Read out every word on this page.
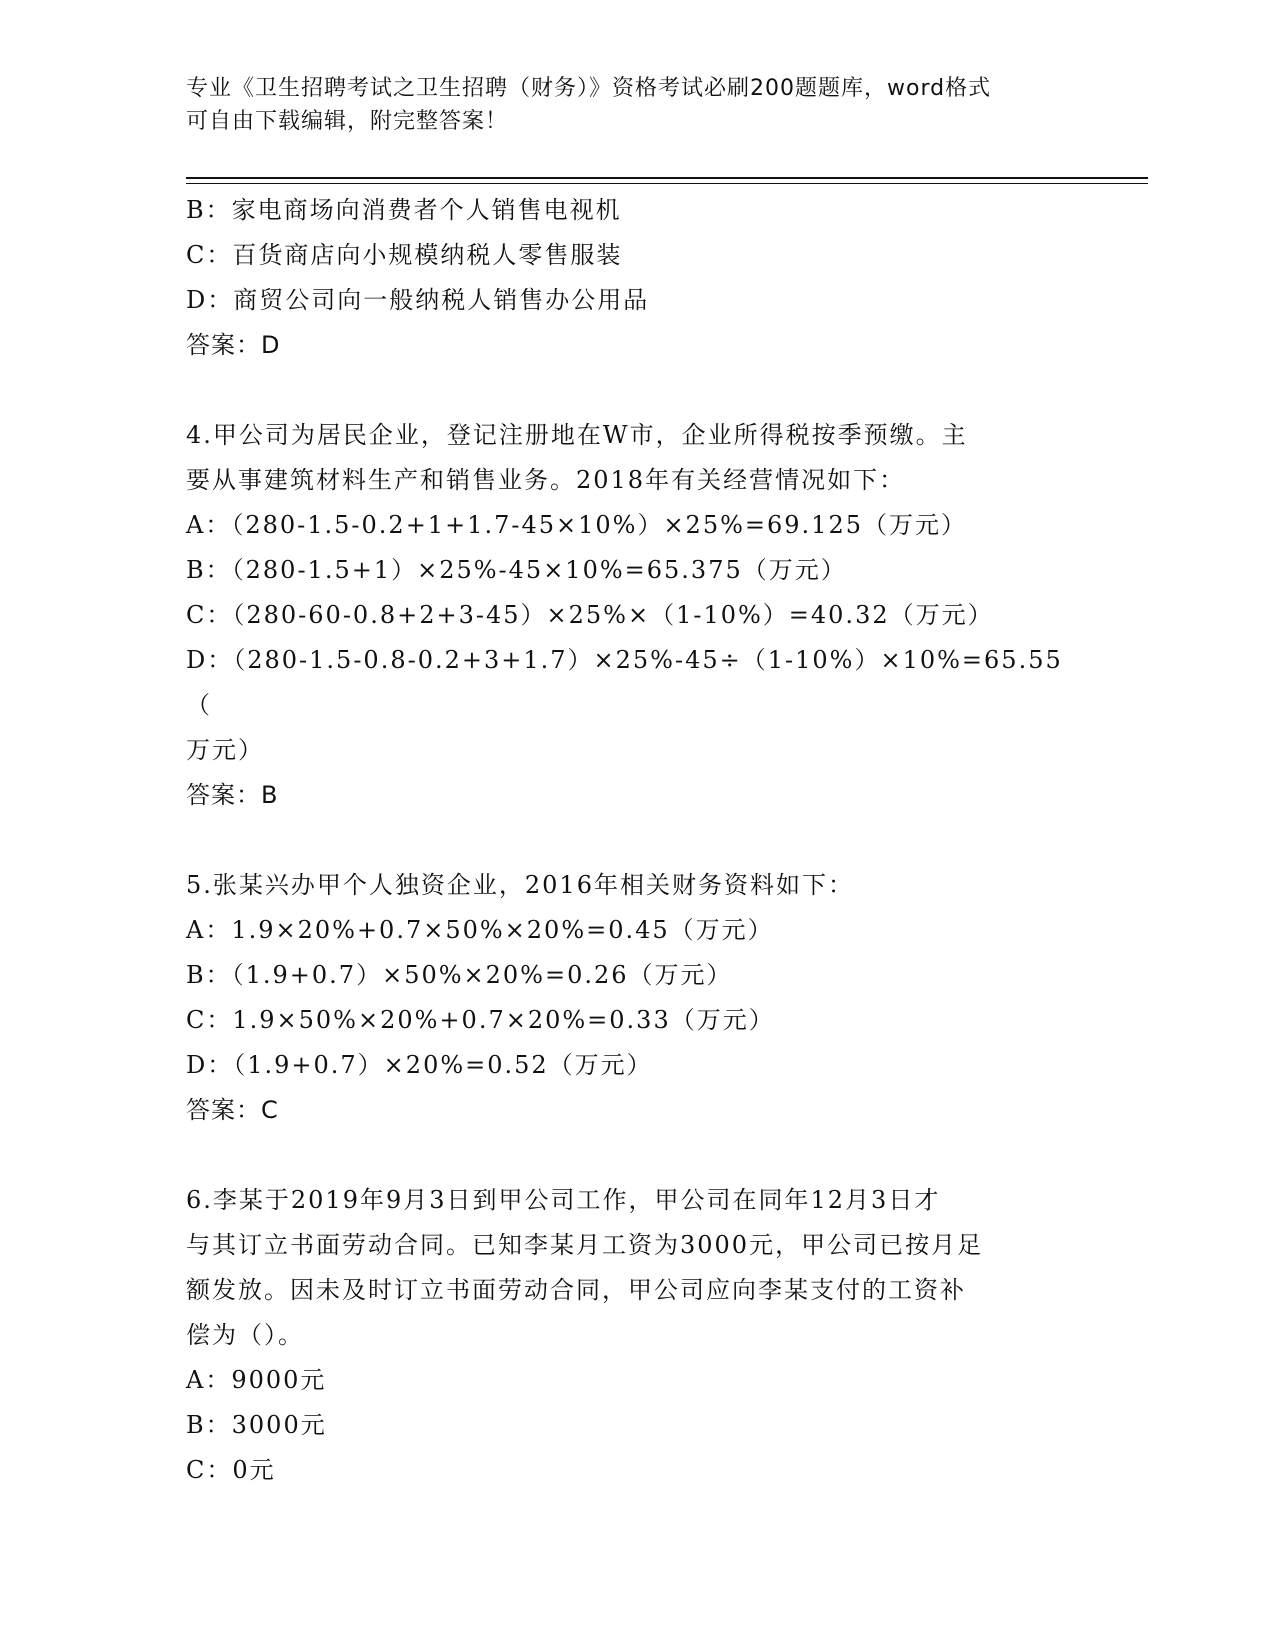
专业《卫生招聘考试之卫生招聘（财务）》资格考试必刷200题题库，word格式
可自由下载编辑，附完整答案！

B：家电商场向消费者个人销售电视机

C：百货商店向小规模纳税人零售服装

D：商贸公司向一般纳税人销售办公用品

答案：D

4.甲公司为居民企业，登记注册地在W市，企业所得税按季预缴。主

要从事建筑材料生产和销售业务。2018年有关经营情况如下：

A：（280-1.5-0.2+1+1.7-45×10%）×25%=69.125（万元）

B：（280-1.5+1）×25%-45×10%=65.375（万元）

C：（280-60-0.8+2+3-45）×25%×（1-10%）=40.32（万元）

D：（280-1.5-0.8-0.2+3+1.7）×25%-45÷（1-10%）×10%=65.55（

万元）

答案：B

5.张某兴办甲个人独资企业，2016年相关财务资料如下：

A：1.9×20%+0.7×50%×20%=0.45（万元）

B：（1.9+0.7）×50%×20%=0.26（万元）

C：1.9×50%×20%+0.7×20%=0.33（万元）

D：（1.9+0.7）×20%=0.52（万元）

答案：C

6.李某于2019年9月3日到甲公司工作，甲公司在同年12月3日才

与其订立书面劳动合同。已知李某月工资为3000元，甲公司已按月足

额发放。因未及时订立书面劳动合同，甲公司应向李某支付的工资补

偿为（）。

A：9000元

B：3000元

C：0元
